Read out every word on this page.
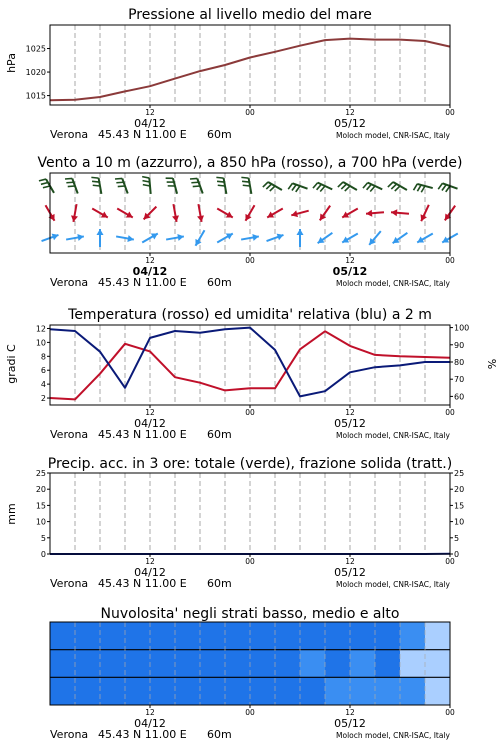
Pressione al livello medio del mare
hPa
1015
1020
1025
12	00	12	00
04/12	05/12
Verona 45.43 N 11.00 E 60m	Moloch model, CNR-ISAC, Italy
Vento a 10 m (azzurro), a 850 hPa (rosso), a 700 hPa (verde)
12	00	12	00
04/12	05/12
Verona 45.43 N 11.00 E 60m	Moloch model, CNR-ISAC, Italy
Temperatura (rosso) ed umidita' relativa (blu) a 2 m
gradi C	%
2
4
6
8
10
12
60
70
80
90
100
12	00	12	00
04/12	05/12
Verona 45.43 N 11.00 E 60m	Moloch model, CNR-ISAC, Italy
Precip. acc. in 3 ore: totale (verde), frazione solida (tratt.)
mm
0
5
10
15
20
25
0
5
10
15
20
25
12	00	12	00
04/12	05/12
Verona 45.43 N 11.00 E 60m	Moloch model, CNR-ISAC, Italy
Nuvolosita' negli strati basso, medio e alto
12	00	12	00
04/12	05/12
Verona 45.43 N 11.00 E 60m	Moloch model, CNR-ISAC, Italy
